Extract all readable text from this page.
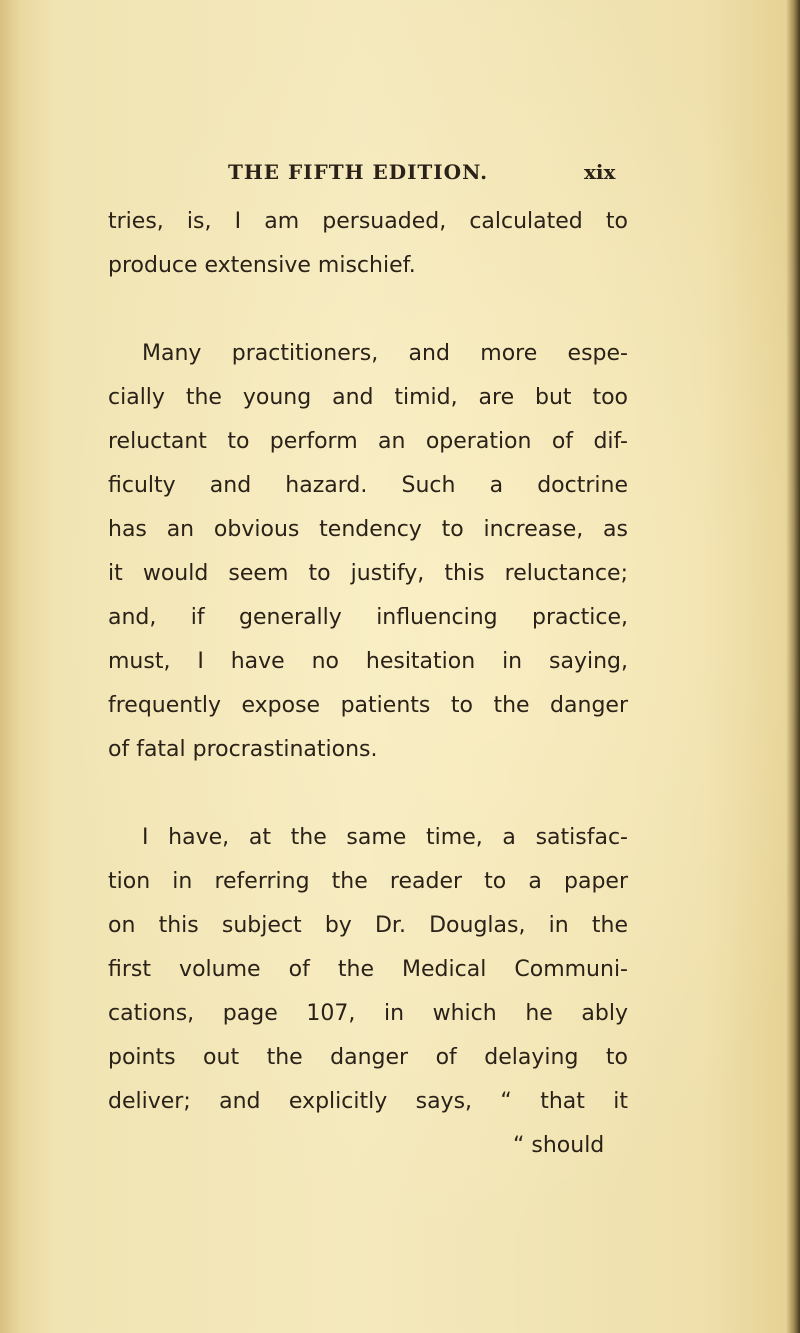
THE FIFTH EDITION.	xix
tries, is, I am persuaded, calculated to
produce extensive mischief.
Many practitioners, and more espe-
cially the young and timid, are but too
reluctant to perform an operation of dif-
ficulty and hazard. Such a doctrine
has an obvious tendency to increase, as
it would seem to justify, this reluctance;
and, if generally influencing practice,
must, I have no hesitation in saying,
frequently expose patients to the danger
of fatal procrastinations.
I have, at the same time, a satisfac-
tion in referring the reader to a paper
on this subject by Dr. Douglas, in the
first volume of the Medical Communi-
cations, page 107, in which he ably
points out the danger of delaying to
deliver; and explicitly says, “ that it
“ should
